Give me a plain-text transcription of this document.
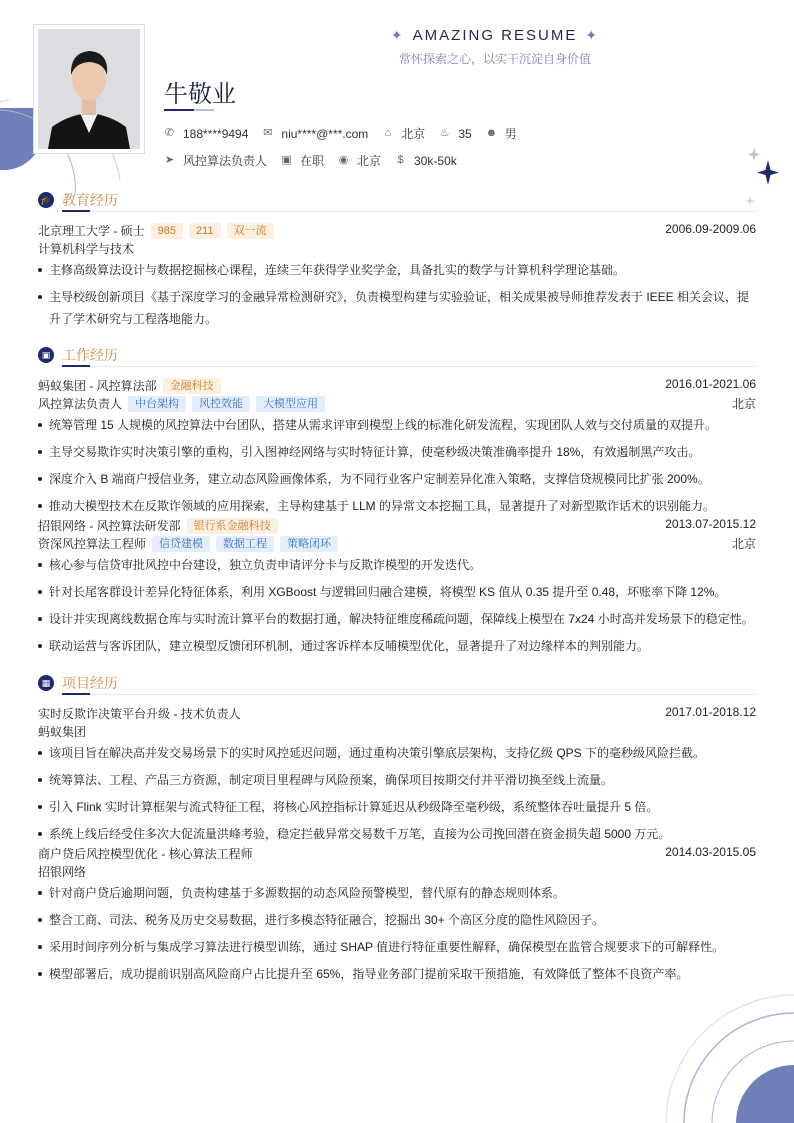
✦ AMAZING RESUME ✦
常怀探索之心，以实干沉淀自身价值
牛敬业
✆ 188****9494 ✉ niu****@***.com ⌂ 北京 ♨ 35 ☻ 男
➤ 风控算法负责人 ▣ 在职 ◉ 北京 $ 30k-50k
🎓 教育经历
北京理工大学 - 硕士	985	211	双一流	2006.09-2009.06
计算机科学与技术
主修高级算法设计与数据挖掘核心课程，连续三年获得学业奖学金，具备扎实的数学与计算机科学理论基础。
主导校级创新项目《基于深度学习的金融异常检测研究》，负责模型构建与实验验证，相关成果被导师推荐发表于 IEEE 相关会议，提升了学术研究与工程落地能力。
▣ 工作经历
蚂蚁集团 - 风控算法部	金融科技	2016.01-2021.06
风控算法负责人	中台架构	风控效能	大模型应用	北京
统筹管理 15 人规模的风控算法中台团队，搭建从需求评审到模型上线的标准化研发流程，实现团队人效与交付质量的双提升。
主导交易欺诈实时决策引擎的重构，引入图神经网络与实时特征计算，使毫秒级决策准确率提升 18%，有效遏制黑产攻击。
深度介入 B 端商户授信业务，建立动态风险画像体系，为不同行业客户定制差异化准入策略，支撑信贷规模同比扩张 200%。
推动大模型技术在反欺诈领域的应用探索，主导构建基于 LLM 的异常文本挖掘工具，显著提升了对新型欺诈话术的识别能力。
招银网络 - 风控算法研发部	银行系金融科技	2013.07-2015.12
资深风控算法工程师	信贷建模	数据工程	策略闭环	北京
核心参与信贷审批风控中台建设，独立负责申请评分卡与反欺诈模型的开发迭代。
针对长尾客群设计差异化特征体系，利用 XGBoost 与逻辑回归融合建模，将模型 KS 值从 0.35 提升至 0.48，坏账率下降 12%。
设计并实现离线数据仓库与实时流计算平台的数据打通，解决特征维度稀疏问题，保障线上模型在 7x24 小时高并发场景下的稳定性。
联动运营与客诉团队，建立模型反馈闭环机制，通过客诉样本反哺模型优化，显著提升了对边缘样本的判别能力。
▦ 项目经历
实时反欺诈决策平台升级 - 技术负责人	2017.01-2018.12
蚂蚁集团
该项目旨在解决高并发交易场景下的实时风控延迟问题，通过重构决策引擎底层架构，支持亿级 QPS 下的毫秒级风险拦截。
统筹算法、工程、产品三方资源，制定项目里程碑与风险预案，确保项目按期交付并平滑切换至线上流量。
引入 Flink 实时计算框架与流式特征工程，将核心风控指标计算延迟从秒级降至毫秒级，系统整体吞吐量提升 5 倍。
系统上线后经受住多次大促流量洪峰考验，稳定拦截异常交易数千万笔，直接为公司挽回潜在资金损失超 5000 万元。
商户贷后风控模型优化 - 核心算法工程师	2014.03-2015.05
招银网络
针对商户贷后逾期问题，负责构建基于多源数据的动态风险预警模型，替代原有的静态规则体系。
整合工商、司法、税务及历史交易数据，进行多模态特征融合，挖掘出 30+ 个高区分度的隐性风险因子。
采用时间序列分析与集成学习算法进行模型训练，通过 SHAP 值进行特征重要性解释，确保模型在监管合规要求下的可解释性。
模型部署后，成功提前识别高风险商户占比提升至 65%，指导业务部门提前采取干预措施，有效降低了整体不良资产率。
